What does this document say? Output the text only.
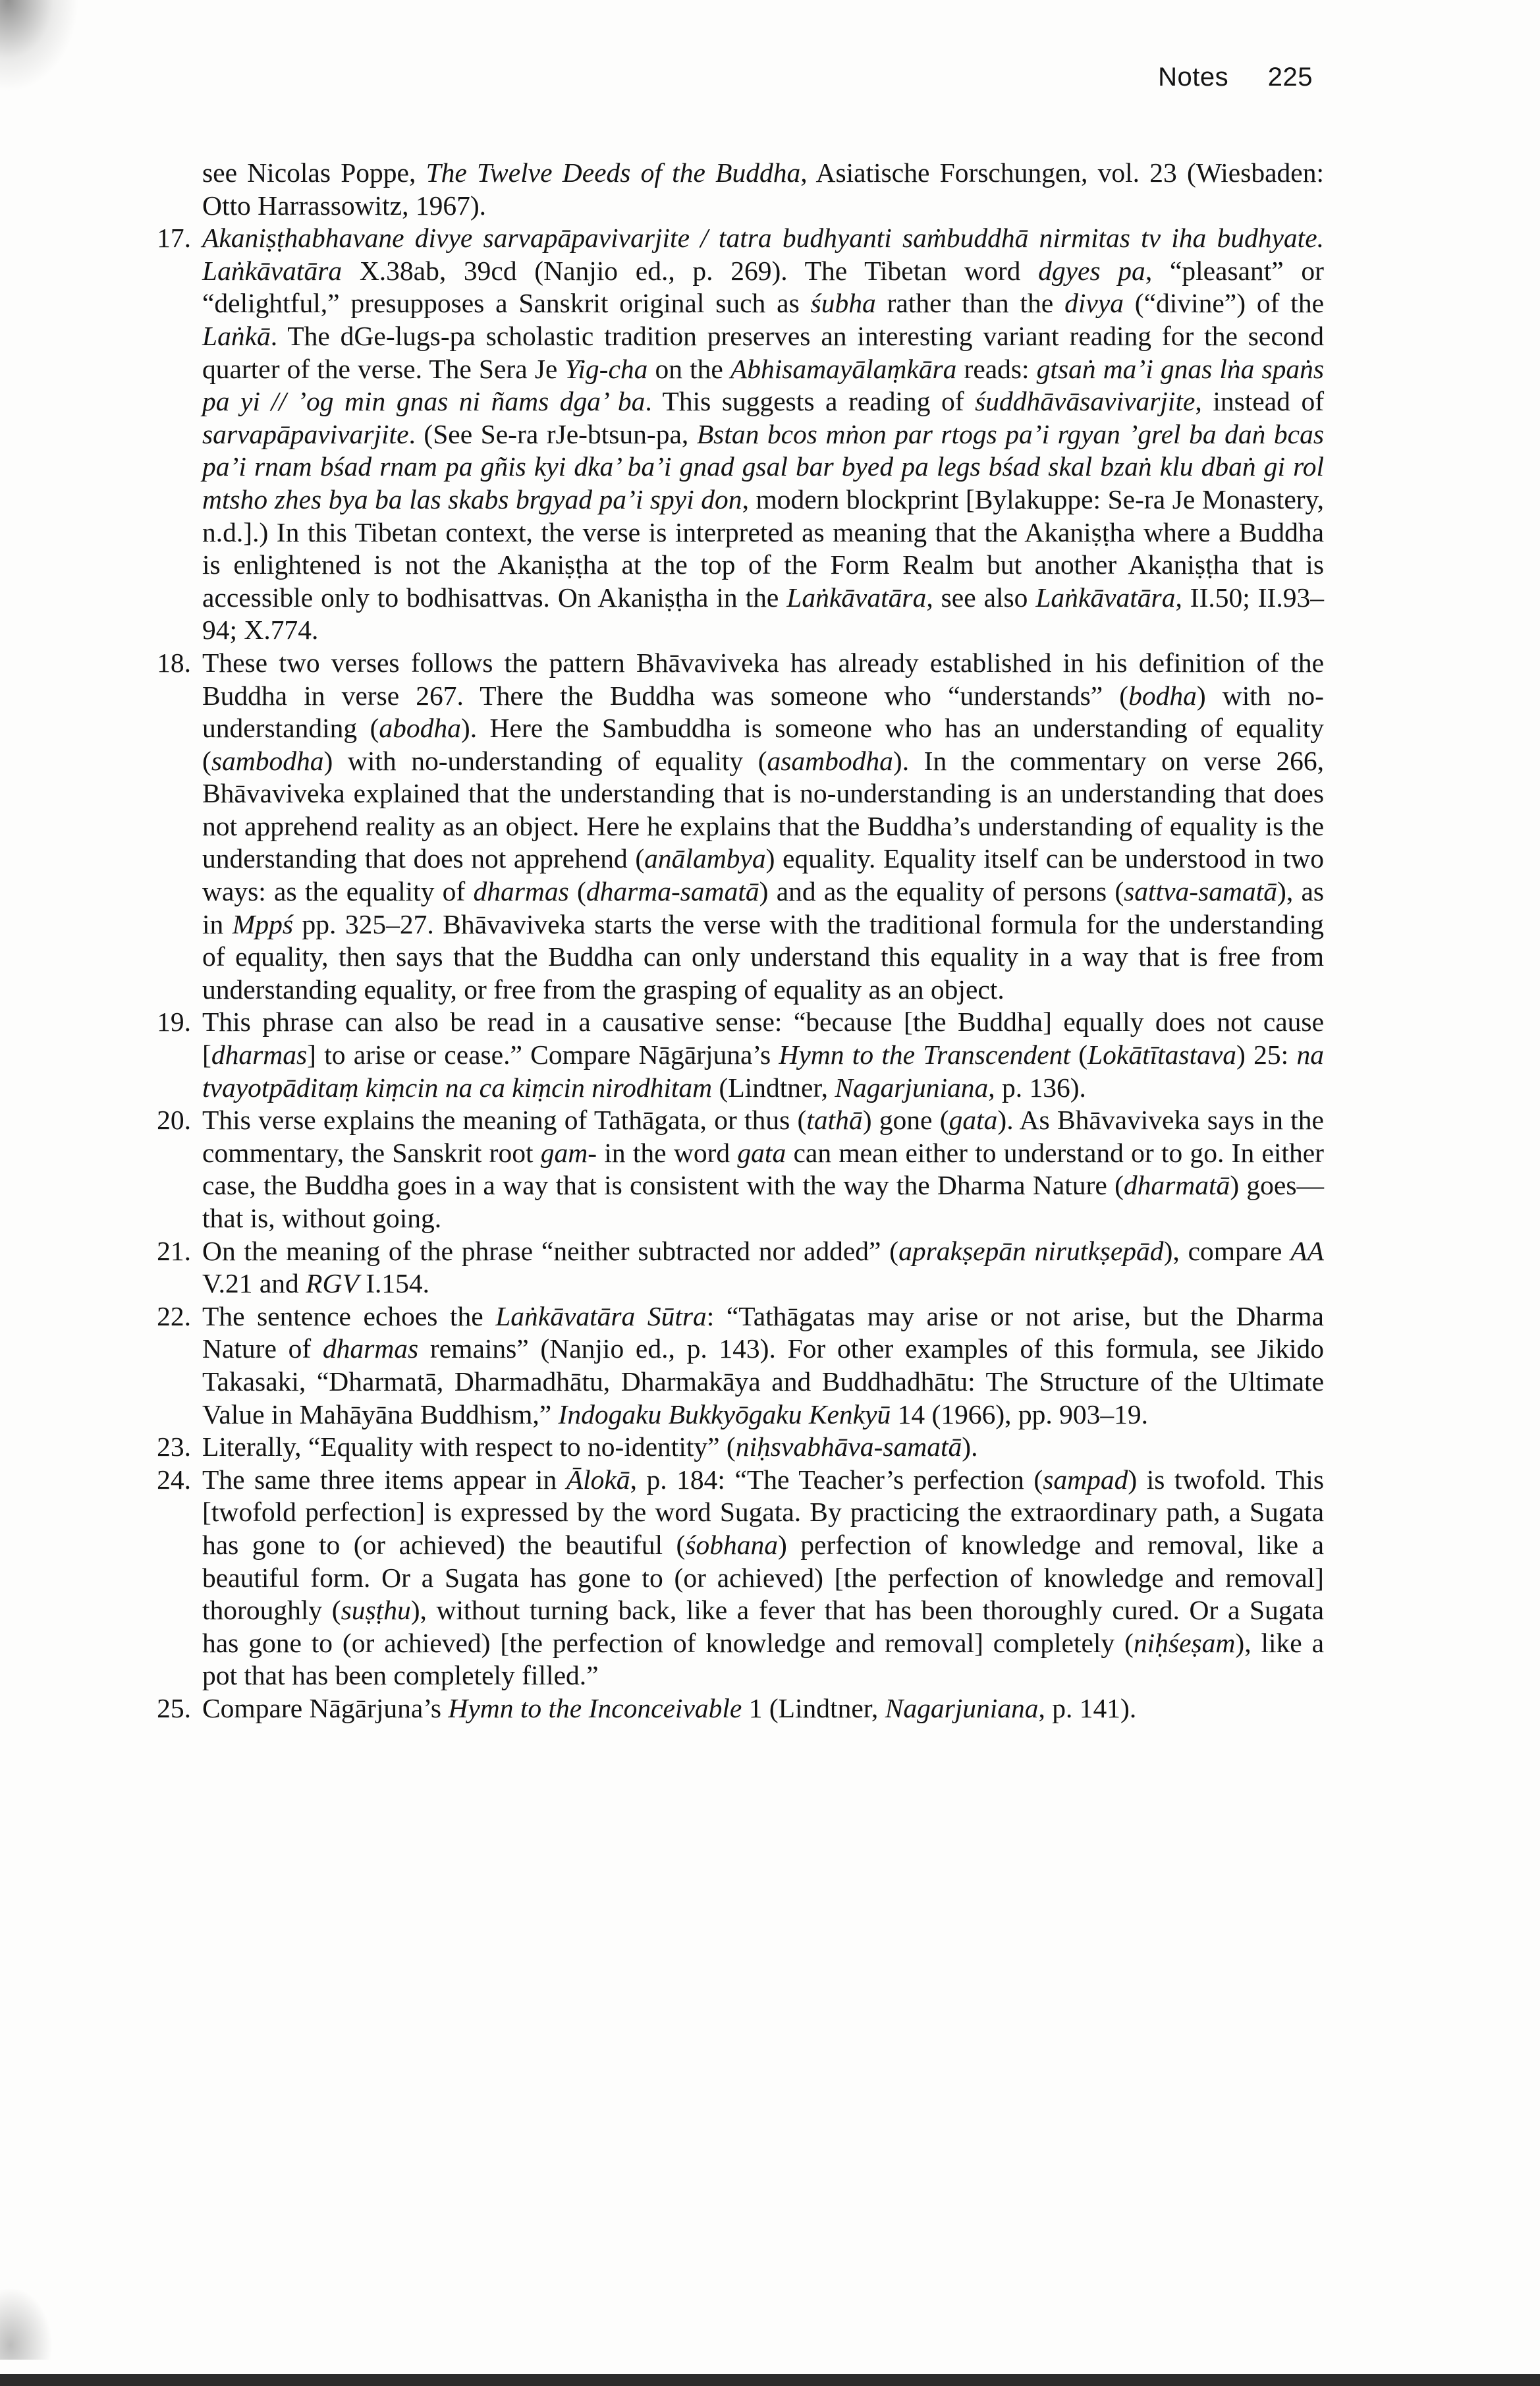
Notes 225
see Nicolas Poppe, The Twelve Deeds of the Buddha, Asiatische Forschungen, vol. 23 (Wiesbaden: Otto Harrassowitz, 1967).
17. Akaniṣṭhabhavane divye sarvapāpavivarjite / tatra budhyanti saṁbuddhā nirmitas tv iha budhyate. Laṅkāvatāra X.38ab, 39cd (Nanjio ed., p. 269). The Tibetan word dgyes pa, “pleasant” or “delightful,” presupposes a Sanskrit original such as śubha rather than the divya (“divine”) of the Laṅkā. The dGe-lugs-pa scholastic tradition preserves an interesting variant reading for the second quarter of the verse. The Sera Je Yig-cha on the Abhisamayālaṃkāra reads: gtsaṅ ma’i gnas lṅa spaṅs pa yi // ’og min gnas ni ñams dga’ ba. This suggests a reading of śuddhāvāsavivarjite, instead of sarvapāpavivarjite. (See Se-ra rJe-btsun-pa, Bstan bcos mṅon par rtogs pa’i rgyan ’grel ba daṅ bcas pa’i rnam bśad rnam pa gñis kyi dka’ ba’i gnad gsal bar byed pa legs bśad skal bzaṅ klu dbaṅ gi rol mtsho zhes bya ba las skabs brgyad pa’i spyi don, modern blockprint [Bylakuppe: Se-ra Je Monastery, n.d.].) In this Tibetan context, the verse is interpreted as meaning that the Akaniṣṭha where a Buddha is enlightened is not the Akaniṣṭha at the top of the Form Realm but another Akaniṣṭha that is accessible only to bodhisattvas. On Akaniṣṭha in the Laṅkāvatāra, see also Laṅkāvatāra, II.50; II.93–94; X.774.
18. These two verses follows the pattern Bhāvaviveka has already established in his definition of the Buddha in verse 267. There the Buddha was someone who “understands” (bodha) with no-understanding (abodha). Here the Sambuddha is someone who has an understanding of equality (sambodha) with no-understanding of equality (asambodha). In the commentary on verse 266, Bhāvaviveka explained that the understanding that is no-understanding is an understanding that does not apprehend reality as an object. Here he explains that the Buddha’s understanding of equality is the understanding that does not apprehend (anālambya) equality. Equality itself can be understood in two ways: as the equality of dharmas (dharma-samatā) and as the equality of persons (sattva-samatā), as in Mppś pp. 325–27. Bhāvaviveka starts the verse with the traditional formula for the understanding of equality, then says that the Buddha can only understand this equality in a way that is free from understanding equality, or free from the grasping of equality as an object.
19. This phrase can also be read in a causative sense: “because [the Buddha] equally does not cause [dharmas] to arise or cease.” Compare Nāgārjuna’s Hymn to the Transcendent (Lokātītastava) 25: na tvayotpāditaṃ kiṃcin na ca kiṃcin nirodhitam (Lindtner, Nagarjuniana, p. 136).
20. This verse explains the meaning of Tathāgata, or thus (tathā) gone (gata). As Bhāvaviveka says in the commentary, the Sanskrit root gam- in the word gata can mean either to understand or to go. In either case, the Buddha goes in a way that is consistent with the way the Dharma Nature (dharmatā) goes—that is, without going.
21. On the meaning of the phrase “neither subtracted nor added” (aprakṣepān nirutkṣepād), compare AA V.21 and RGV I.154.
22. The sentence echoes the Laṅkāvatāra Sūtra: “Tathāgatas may arise or not arise, but the Dharma Nature of dharmas remains” (Nanjio ed., p. 143). For other examples of this formula, see Jikido Takasaki, “Dharmatā, Dharmadhātu, Dharmakāya and Buddhadhātu: The Structure of the Ultimate Value in Mahāyāna Buddhism,” Indogaku Bukkyōgaku Kenkyū 14 (1966), pp. 903–19.
23. Literally, “Equality with respect to no-identity” (niḥsvabhāva-samatā).
24. The same three items appear in Ālokā, p. 184: “The Teacher’s perfection (sampad) is twofold. This [twofold perfection] is expressed by the word Sugata. By practicing the extraordinary path, a Sugata has gone to (or achieved) the beautiful (śobhana) perfection of knowledge and removal, like a beautiful form. Or a Sugata has gone to (or achieved) [the perfection of knowledge and removal] thoroughly (suṣṭhu), without turning back, like a fever that has been thoroughly cured. Or a Sugata has gone to (or achieved) [the perfection of knowledge and removal] completely (niḥśeṣam), like a pot that has been completely filled.”
25. Compare Nāgārjuna’s Hymn to the Inconceivable 1 (Lindtner, Nagarjuniana, p. 141).
